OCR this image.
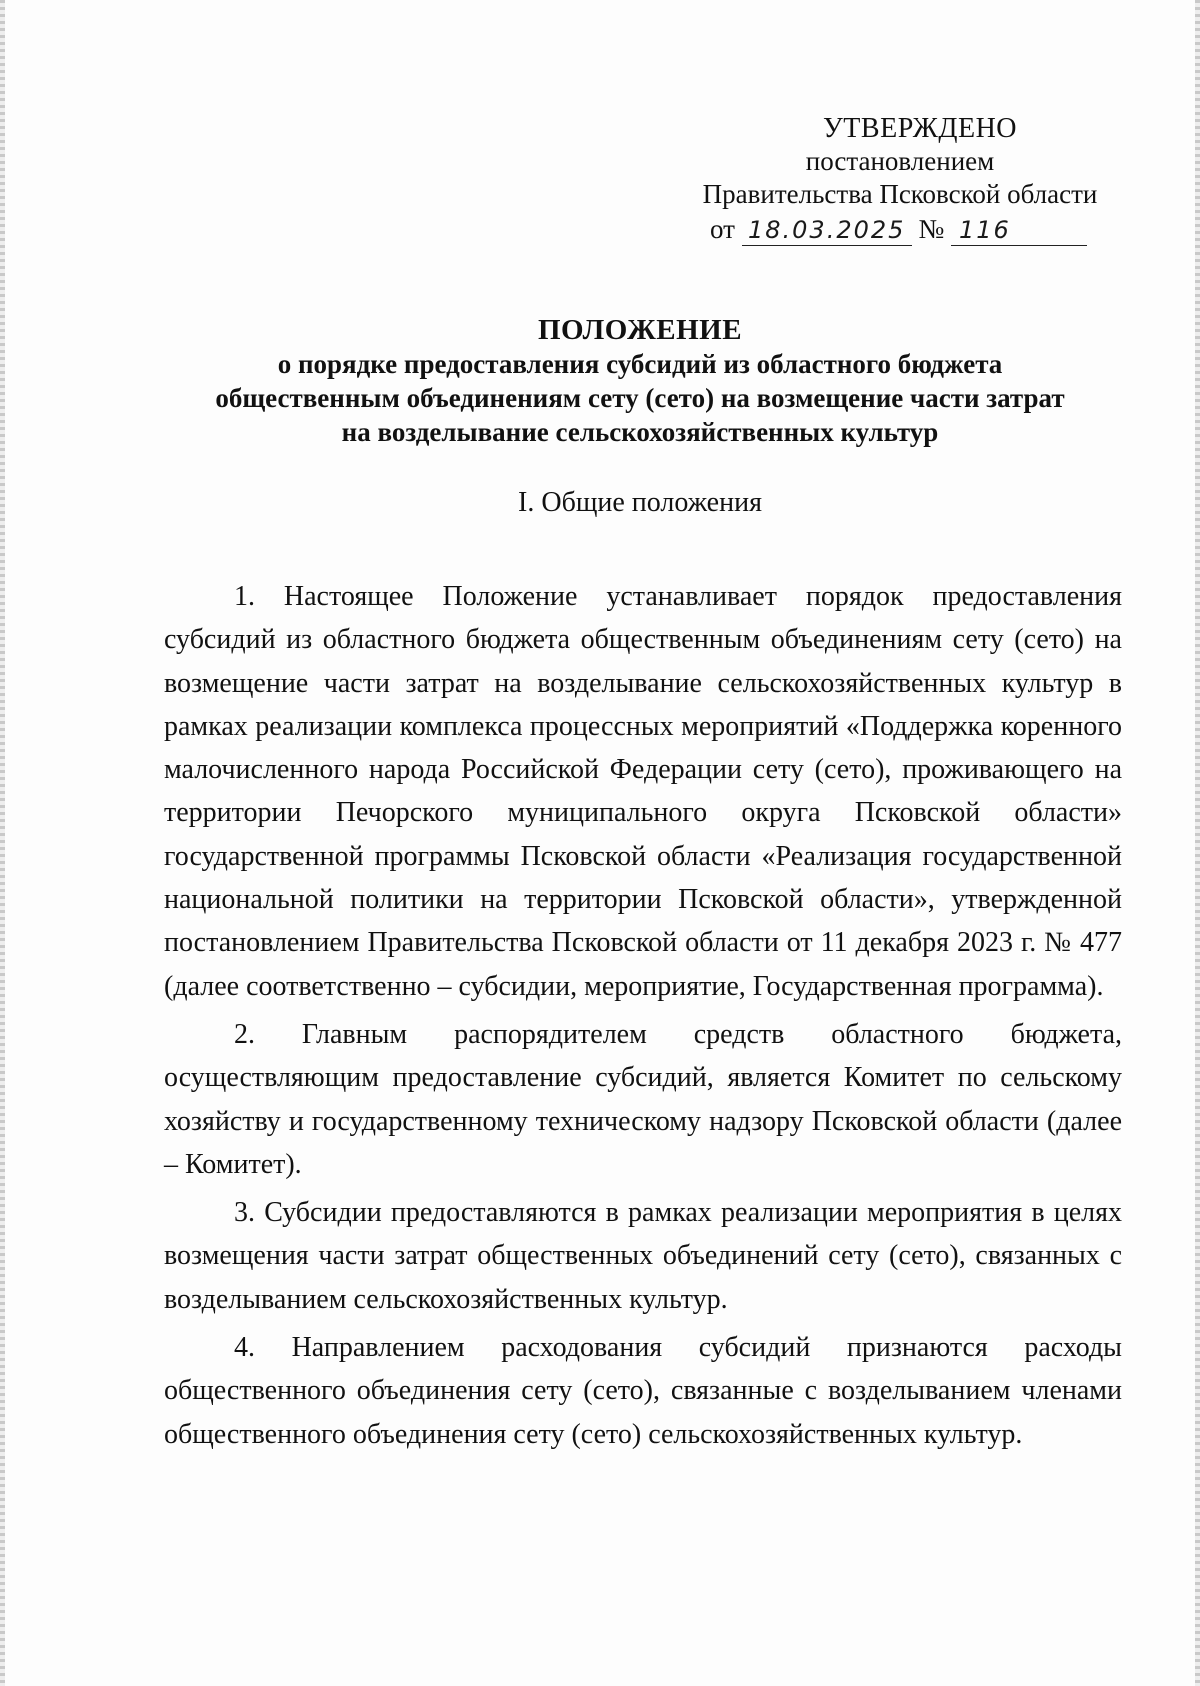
УТВЕРЖДЕНО
постановлением
Правительства Псковской области
от 18.03.2025 № 116
ПОЛОЖЕНИЕ
о порядке предоставления субсидий из областного бюджета
общественным объединениям сету (сето) на возмещение части затрат
на возделывание сельскохозяйственных культур
I. Общие положения

1. Настоящее Положение устанавливает порядок предоставления субсидий из областного бюджета общественным объединениям сету (сето) на возмещение части затрат на возделывание сельскохозяйственных культур в рамках реализации комплекса процессных мероприятий «Поддержка коренного малочисленного народа Российской Федерации сету (сето), проживающего на территории Печорского муниципального округа Псковской области» государственной программы Псковской области «Реализация государственной национальной политики на территории Псковской области», утвержденной постановлением Правительства Псковской области от 11 декабря 2023 г. № 477 (далее соответственно – субсидии, мероприятие, Государственная программа).

2. Главным распорядителем средств областного бюджета, осуществляющим предоставление субсидий, является Комитет по сельскому хозяйству и государственному техническому надзору Псковской области (далее – Комитет).

3. Субсидии предоставляются в рамках реализации мероприятия в целях возмещения части затрат общественных объединений сету (сето), связанных с возделыванием сельскохозяйственных культур.

4. Направлением расходования субсидий признаются расходы общественного объединения сету (сето), связанные с возделыванием членами общественного объединения сету (сето) сельскохозяйственных культур.
